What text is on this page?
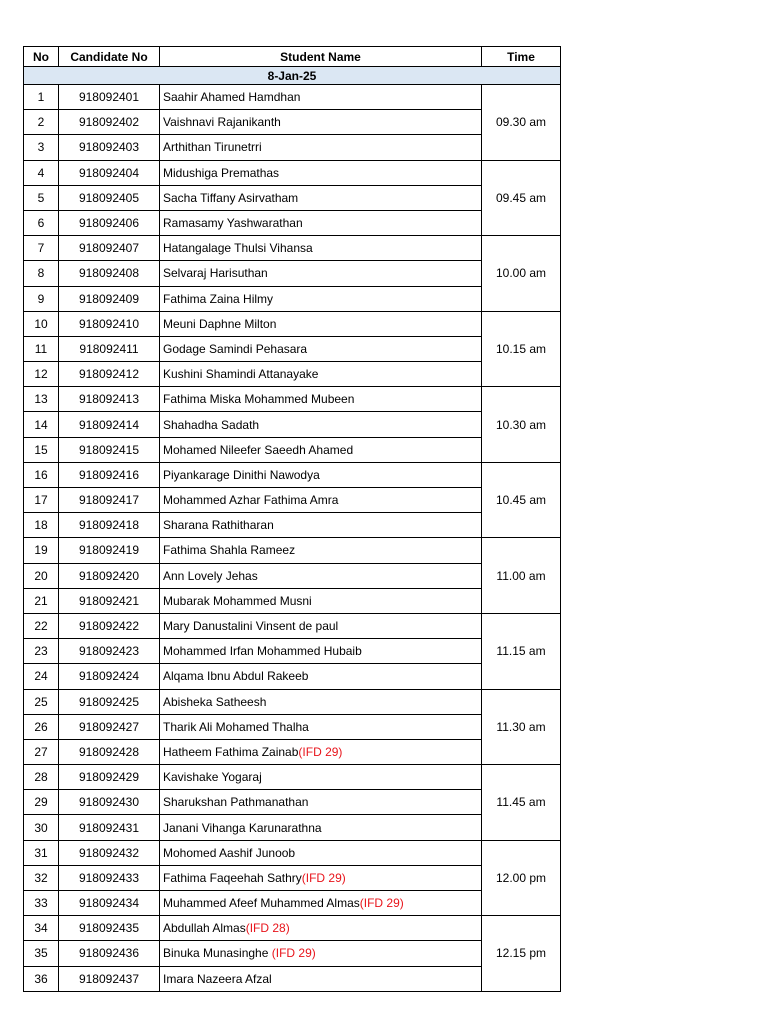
No	Candidate No	Student Name	Time
8-Jan-25			
1	918092401	Saahir Ahamed Hamdhan	09.30 am
2	918092402	Vaishnavi Rajanikanth	
3	918092403	Arthithan Tirunetrri	
4	918092404	Midushiga Premathas	09.45 am
5	918092405	Sacha Tiffany Asirvatham	
6	918092406	Ramasamy Yashwarathan	
7	918092407	Hatangalage Thulsi Vihansa	10.00 am
8	918092408	Selvaraj Harisuthan	
9	918092409	Fathima Zaina Hilmy	
10	918092410	Meuni Daphne Milton	10.15 am
11	918092411	Godage Samindi Pehasara	
12	918092412	Kushini Shamindi Attanayake	
13	918092413	Fathima Miska Mohammed Mubeen	10.30 am
14	918092414	Shahadha Sadath	
15	918092415	Mohamed Nileefer Saeedh Ahamed	
16	918092416	Piyankarage Dinithi Nawodya	10.45 am
17	918092417	Mohammed Azhar Fathima Amra	
18	918092418	Sharana Rathitharan	
19	918092419	Fathima Shahla Rameez	11.00 am
20	918092420	Ann Lovely Jehas	
21	918092421	Mubarak Mohammed Musni	
22	918092422	Mary Danustalini Vinsent de paul	11.15 am
23	918092423	Mohammed Irfan Mohammed Hubaib	
24	918092424	Alqama Ibnu Abdul Rakeeb	
25	918092425	Abisheka Satheesh	11.30 am
26	918092427	Tharik Ali Mohamed Thalha	
27	918092428	Hatheem Fathima Zainab(IFD 29)	
28	918092429	Kavishake Yogaraj	11.45 am
29	918092430	Sharukshan Pathmanathan	
30	918092431	Janani Vihanga Karunarathna	
31	918092432	Mohomed Aashif Junoob	12.00 pm
32	918092433	Fathima Faqeehah Sathry(IFD 29)	
33	918092434	Muhammed Afeef Muhammed Almas(IFD 29)	
34	918092435	Abdullah Almas(IFD 28)	12.15 pm
35	918092436	Binuka Munasinghe (IFD 29)	
36	918092437	Imara Nazeera Afzal	
